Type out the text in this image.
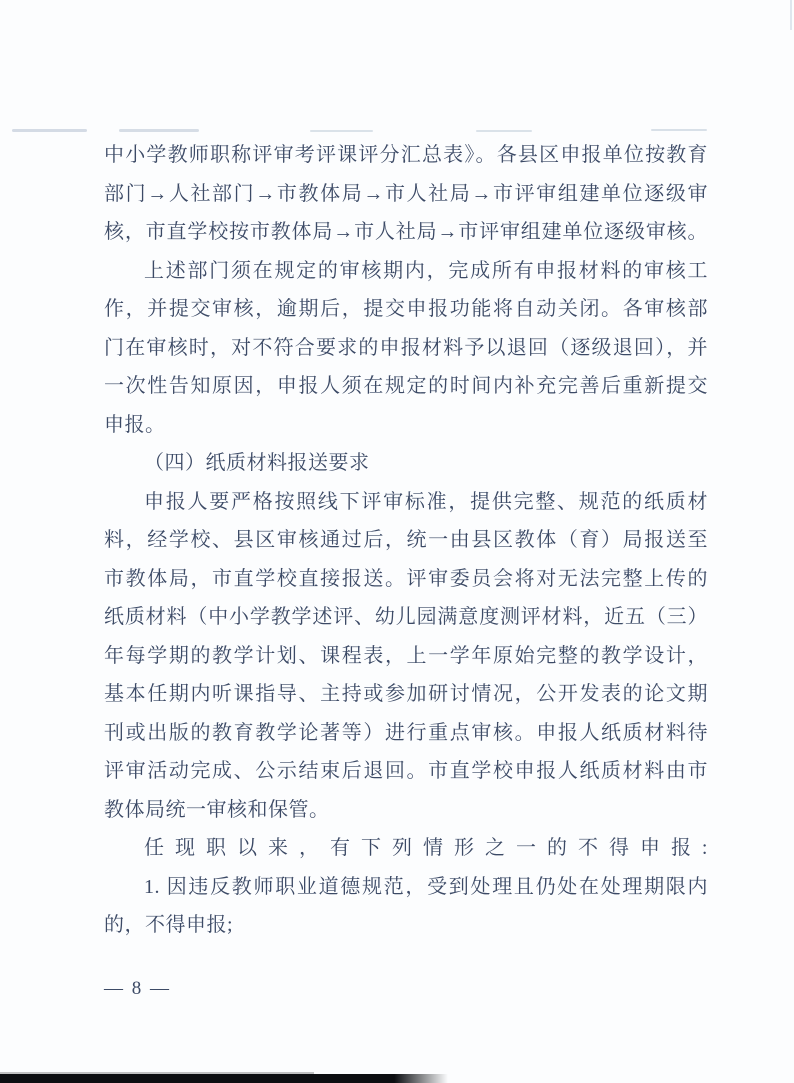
中小学教师职称评审考评课评分汇总表》。各县区申报单位按教育

部门→人社部门→市教体局→市人社局→市评审组建单位逐级审

核，市直学校按市教体局→市人社局→市评审组建单位逐级审核。

上述部门须在规定的审核期内，完成所有申报材料的审核工

作，并提交审核，逾期后，提交申报功能将自动关闭。各审核部

门在审核时，对不符合要求的申报材料予以退回（逐级退回），并

一次性告知原因，申报人须在规定的时间内补充完善后重新提交

申报。

（四）纸质材料报送要求

申报人要严格按照线下评审标准，提供完整、规范的纸质材

料，经学校、县区审核通过后，统一由县区教体（育）局报送至

市教体局，市直学校直接报送。评审委员会将对无法完整上传的

纸质材料（中小学教学述评、幼儿园满意度测评材料，近五（三）

年每学期的教学计划、课程表，上一学年原始完整的教学设计，

基本任期内听课指导、主持或参加研讨情况，公开发表的论文期

刊或出版的教育教学论著等）进行重点审核。申报人纸质材料待

评审活动完成、公示结束后退回。市直学校申报人纸质材料由市

教体局统一审核和保管。

任现职以来，有下列情形之一的不得申报:

1. 因违反教师职业道德规范，受到处理且仍处在处理期限内

的，不得申报;

— 8 —
